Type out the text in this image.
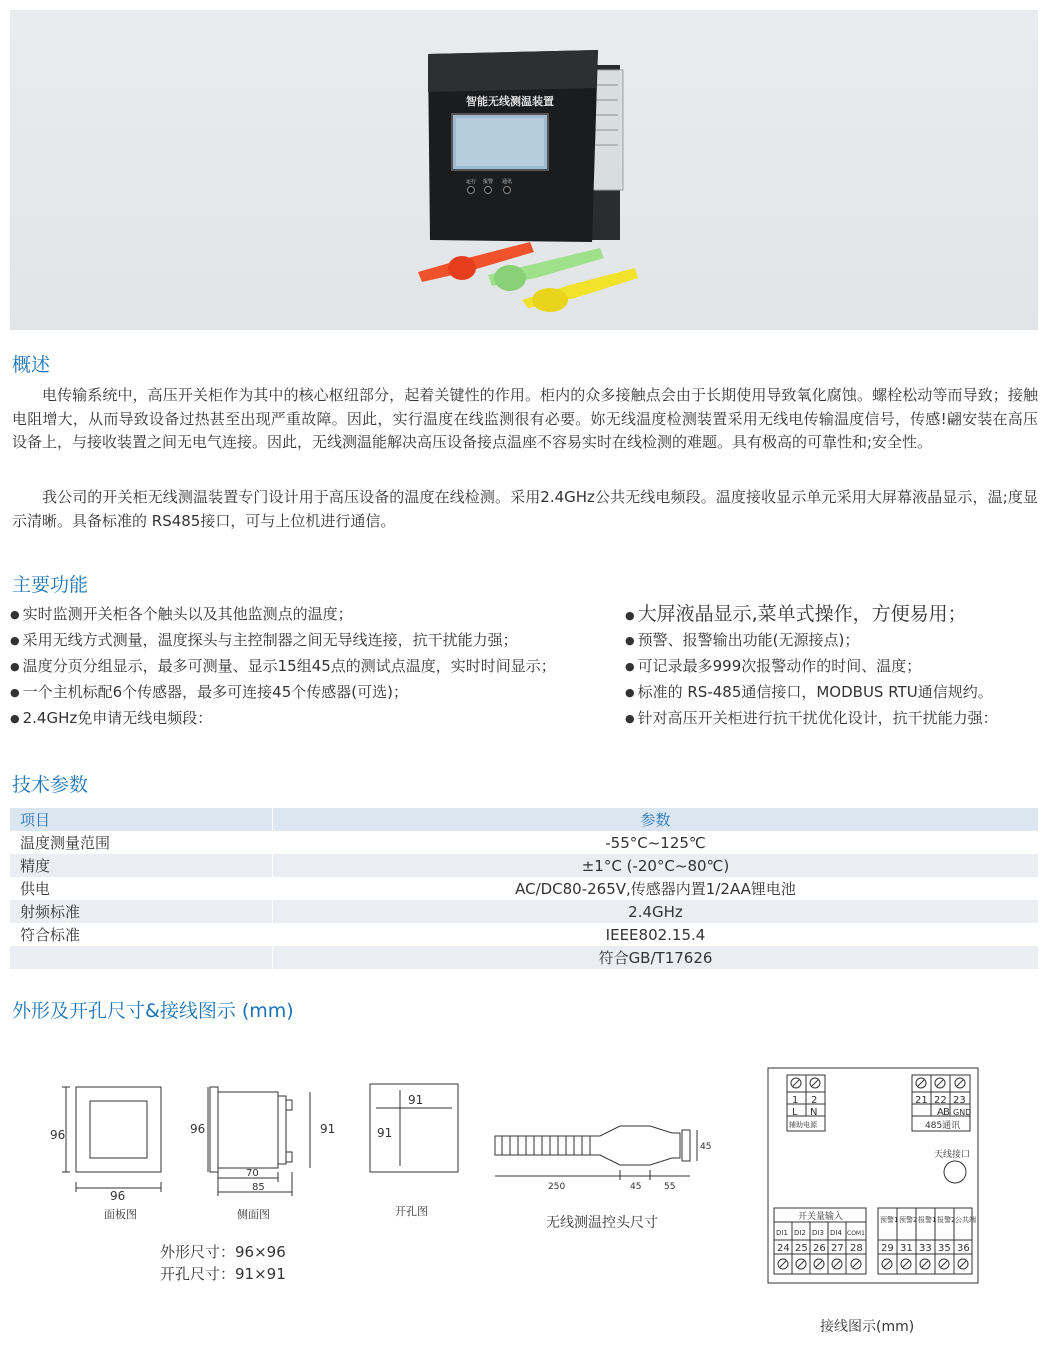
智能无线测温装置
运行 报警 通讯
概述

电传输系统中，高压开关柜作为其中的核心枢纽部分，起着关键性的作用。柜内的众多接触点会由于长期使用导致氧化腐蚀。螺栓松动等而导致；接触电阻增大，从而导致设备过热甚至出现严重故障。因此，实行温度在线监测很有必要。妳无线温度检测装置采用无线电传输温度信号，传感!翩安装在高压设备上，与接收装置之间无电气连接。因此，无线测温能解决高压设备接点温座不容易实时在线检测的难题。具有极高的可靠性和;安全性。

我公司的开关柜无线测温装置专门设计用于高压设备的温度在线检测。采用2.4GHz公共无线电频段。温度接收显示单元采用大屏幕液晶显示，温;度显示清晰。具备标准的 RS485接口，可与上位机进行通信。

主要功能
● 实时监测开关柜各个触头以及其他监测点的温度；
● 采用无线方式测量，温度探头与主控制器之间无导线连接，抗干扰能力强；
● 温度分页分组显示，最多可测量、显示15组45点的测试点温度，实时时间显示；
● 一个主机标配6个传感器，最多可连接45个传感器(可选)；
● 2.4GHz免申请无线电频段：
● 大屏液晶显示,菜单式操作，方便易用；
● 预警、报警输出功能(无源接点)；
● 可记录最多999次报警动作的时间、温度；
● 标准的 RS-485通信接口，MODBUS RTU通信规约。
● 针对高压开关柜进行抗干扰优化设计，抗干扰能力强：
技术参数
项目	参数
温度测量范围	-55°C~125℃
精度	±1°C (-20°C~80℃)
供电	AC/DC80-265V,传感器内置1/2AA锂电池
射频标准	2.4GHz
符合标准	IEEE802.15.4
	符合GB/T17626
外形及开孔尺寸&接线图示 (mm)
96
96
面板图
96	91
70
85
侧面图
91
91
开孔图
250	45	55
45
无线测温控头尺寸
外形尺寸：96×96
开孔尺寸：91×91
1 2
L N
辅助电源
21 22 23
A B GND
485通讯
天线接口
开关量输入
DI1 DI2 DI3 DI4 COM1
24 25 26 27 28
预警1 预警2 报警1 报警2 公共端
29 31 33 35 36
接线图示(mm)
